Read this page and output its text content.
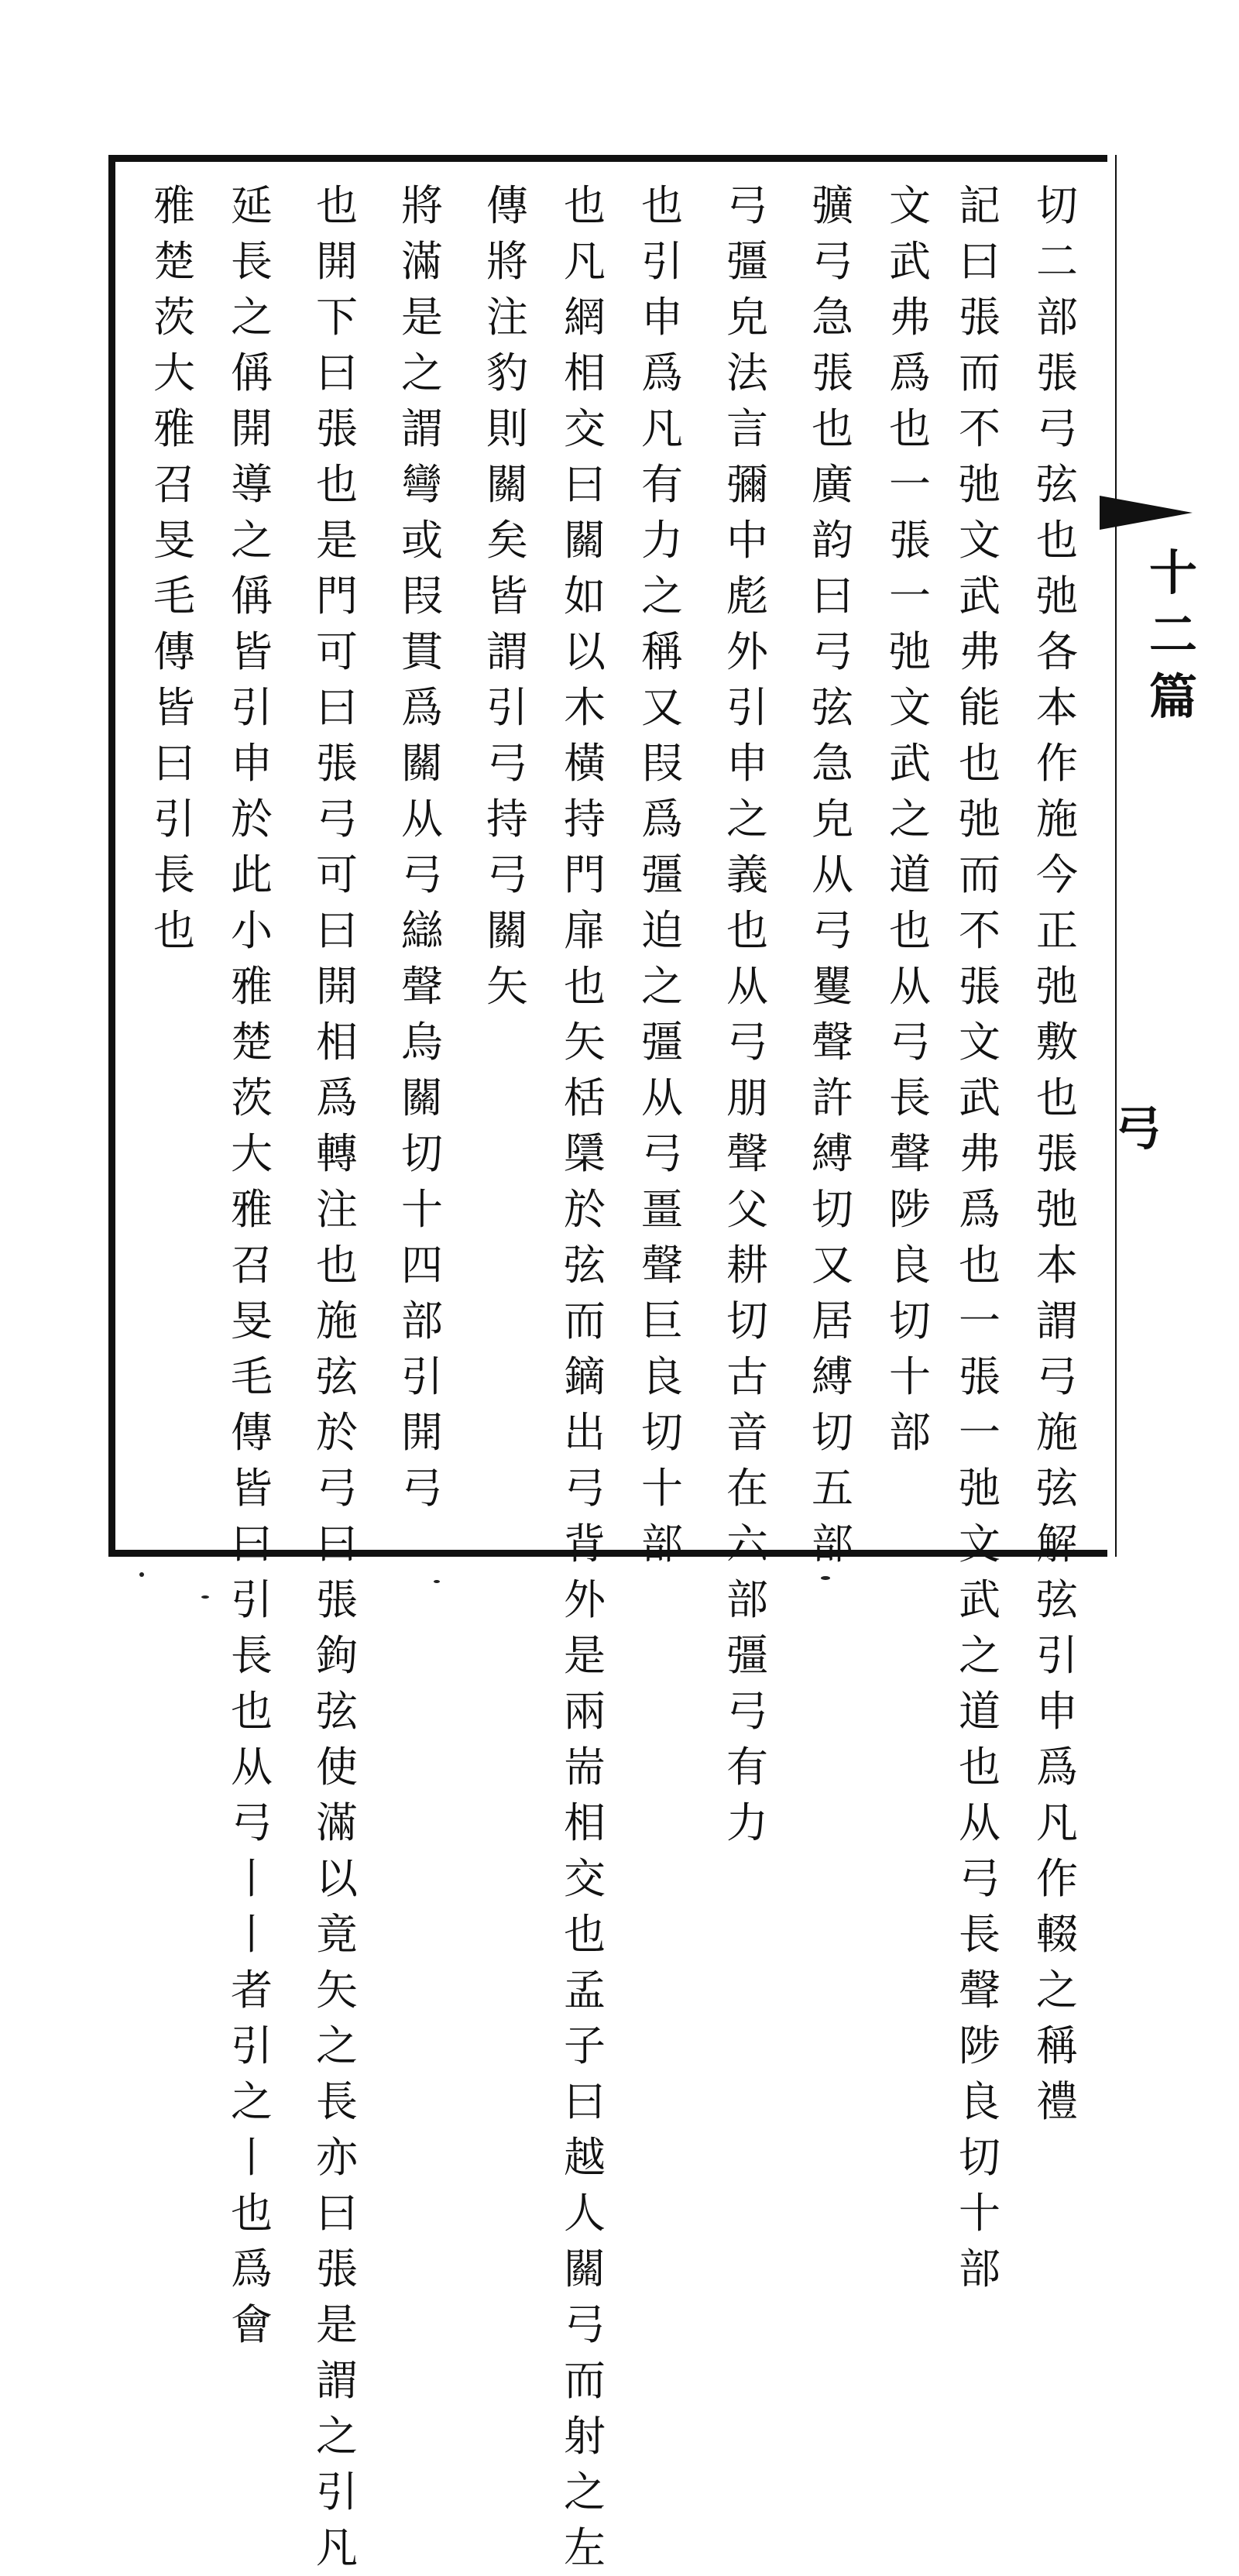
切二部張弓弦也弛各本作施今正弛敷也張弛本謂弓施弦解弦引申爲凡作輟之稱禮
記曰張而不弛文武弗能也弛而不張文武弗爲也一張一弛文武之道也从弓長聲陟良切十部
文武弗爲也一張一弛文武之道也从弓長聲陟良切十部
彍弓急張也廣韵曰弓弦急皃从弓矍聲許縛切又居縛切五部
弓彊皃法言彌中彪外引申之義也从弓朋聲父耕切古音在六部彊弓有力
也引申爲凡有力之稱又叚爲彊迫之彊从弓畺聲巨良切十部
也凡網相交曰關如以木橫持門扉也矢栝檃於弦而鏑出弓背外是兩耑相交也孟子曰越人關弓而射之左
傳將注豹則關矣皆謂引弓持弓關矢
將滿是之謂彎或叚貫爲關从弓䜌聲烏關切十四部引開弓
也開下曰張也是門可曰張弓可曰開相爲轉注也施弦於弓曰張鉤弦使滿以竟矢之長亦曰張是謂之引凡
延長之偁開導之偁皆引申於此小雅楚茨大雅召旻毛傳皆曰引長也从弓丨丨者引之丨也爲會
雅楚茨大雅召旻毛傳皆曰引長也
十二篇
弓
